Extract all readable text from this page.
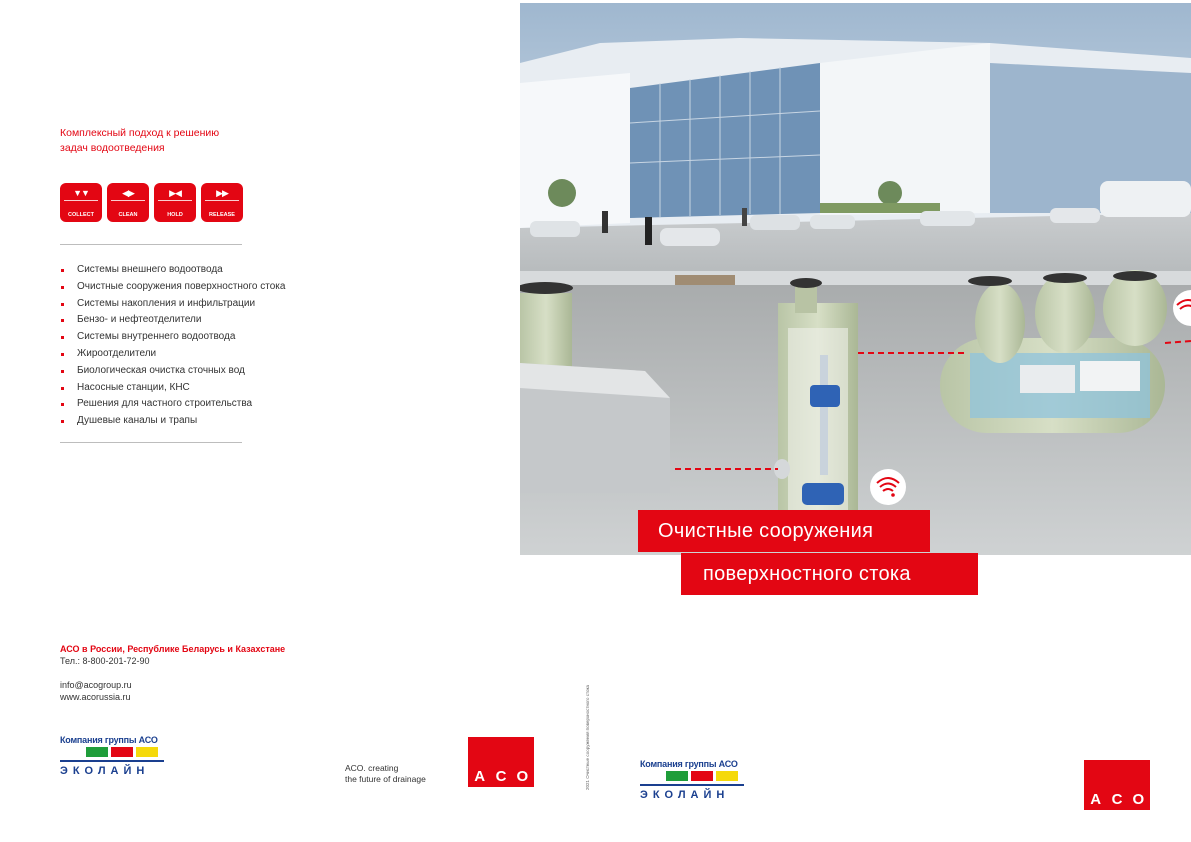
Комплексный подход к решению
задач водоотведения
▼▼
COLLECT
◀▶
CLEAN
▶◀
HOLD
▶▶
RELEASE
Системы внешнего водоотвода
Очистные сооружения поверхностного стока
Системы накопления и инфильтрации
Бензо- и нефтеотделители
Системы внутреннего водоотвода
Жироотделители
Биологическая очистка сточных вод
Насосные станции, КНС
Решения для частного строительства
Душевые каналы и трапы
АСО в России, Республике Беларусь и Казахстане
Тел.: 8-800-201-72-90
info@acogroup.ru
www.acorussia.ru
Компания группы АСО
ЭКОЛАЙН	ACO. creating
the future of drainage	A C O	2021 Очистные сооружения поверхностного стока
Очистные сооружения
поверхностного стока
Компания группы АСО
ЭКОЛАЙН	A C O
